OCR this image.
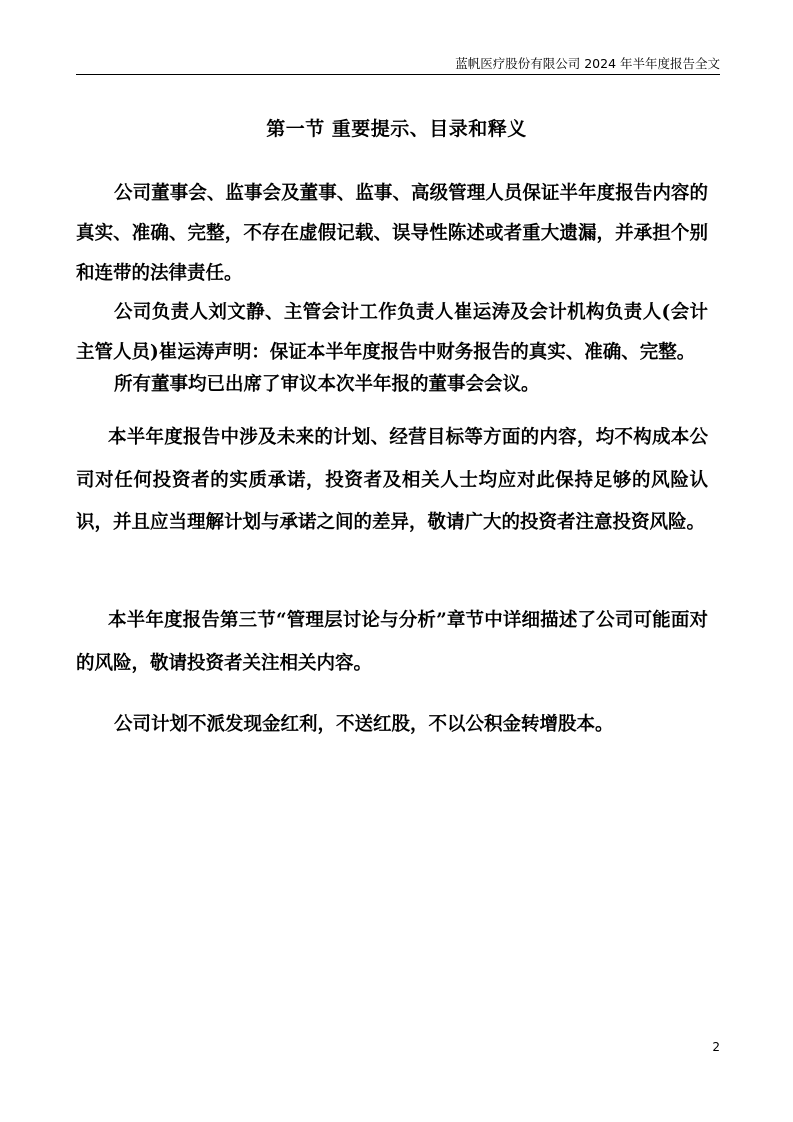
蓝帆医疗股份有限公司 2024 年半年度报告全文
第一节 重要提示、目录和释义
公司董事会、监事会及董事、监事、高级管理人员保证半年度报告内容的真实、准确、完整，不存在虚假记载、误导性陈述或者重大遗漏，并承担个别和连带的法律责任。
公司负责人刘文静、主管会计工作负责人崔运涛及会计机构负责人(会计主管人员)崔运涛声明：保证本半年度报告中财务报告的真实、准确、完整。
所有董事均已出席了审议本次半年报的董事会会议。
本半年度报告中涉及未来的计划、经营目标等方面的内容，均不构成本公司对任何投资者的实质承诺，投资者及相关人士均应对此保持足够的风险认识，并且应当理解计划与承诺之间的差异，敬请广大的投资者注意投资风险。
本半年度报告第三节“管理层讨论与分析”章节中详细描述了公司可能面对的风险，敬请投资者关注相关内容。
公司计划不派发现金红利，不送红股，不以公积金转增股本。
2
